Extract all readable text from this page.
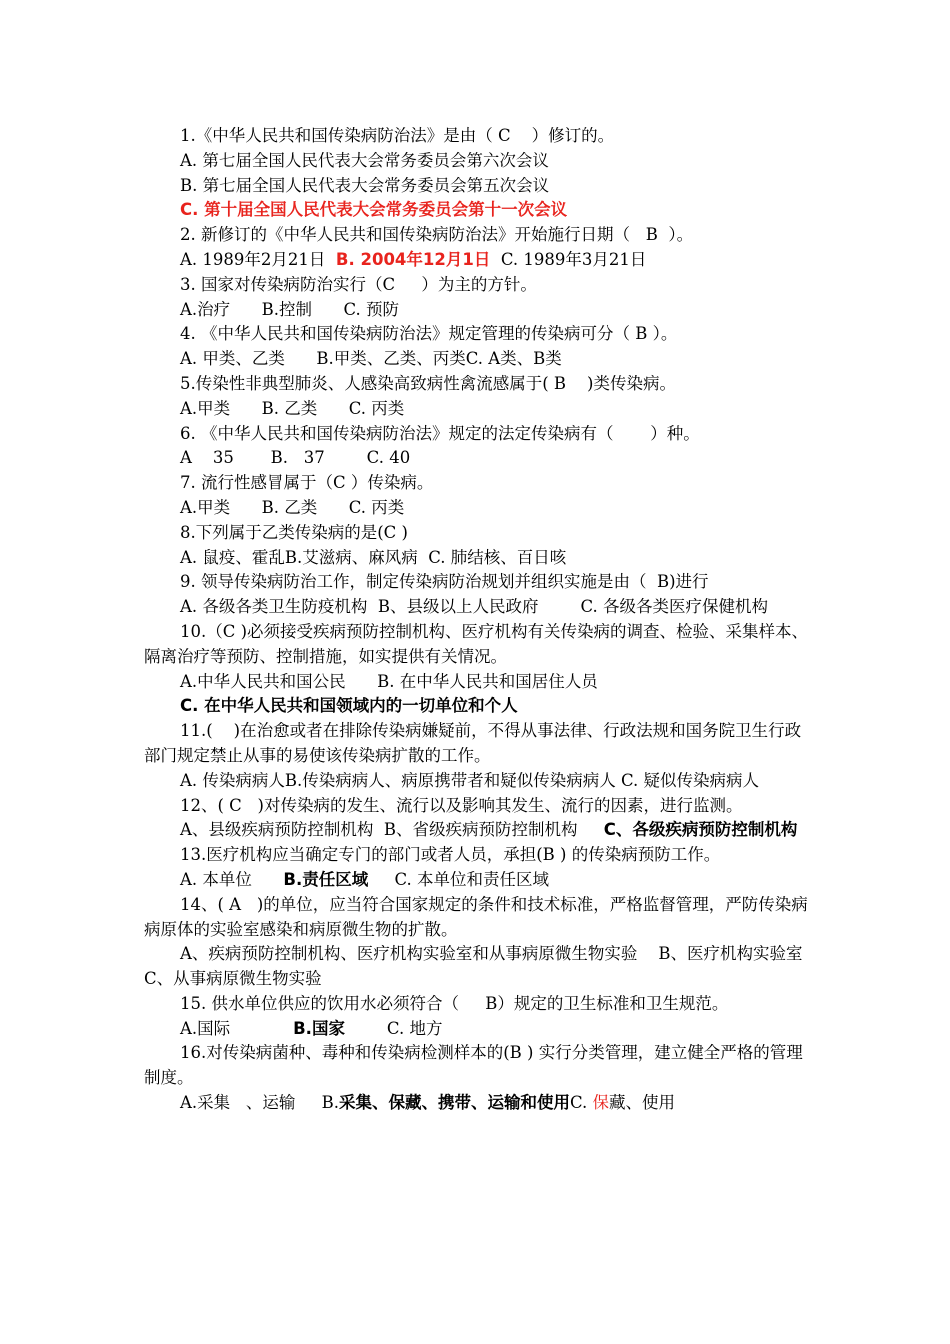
1.《中华人民共和国传染病防治法》是由（ C    ）修订的。

A. 第七届全国人民代表大会常务委员会第六次会议

B. 第七届全国人民代表大会常务委员会第五次会议

C. 第十届全国人民代表大会常务委员会第十一次会议

2. 新修订的《中华人民共和国传染病防治法》开始施行日期（   B  ）。

A. 1989年2月21日  B. 2004年12月1日  C. 1989年3月21日

3. 国家对传染病防治实行（C     ）为主的方针。

A.治疗      B.控制      C. 预防

4. 《中华人民共和国传染病防治法》规定管理的传染病可分（ B ）。

A. 甲类、乙类      B.甲类、乙类、丙类C. A类、B类

5.传染性非典型肺炎、人感染高致病性禽流感属于( B    )类传染病。

A.甲类      B. 乙类      C. 丙类

6. 《中华人民共和国传染病防治法》规定的法定传染病有（       ）种。

A    35       B.   37        C. 40

7. 流行性感冒属于（C ）传染病。

A.甲类      B. 乙类      C. 丙类

8.下列属于乙类传染病的是(C )

A. 鼠疫、霍乱B.艾滋病、麻风病  C. 肺结核、百日咳

9. 领导传染病防治工作，制定传染病防治规划并组织实施是由（  B)进行

A. 各级各类卫生防疫机构  B、县级以上人民政府        C. 各级各类医疗保健机构

10.（C )必须接受疾病预防控制机构、医疗机构有关传染病的调查、检验、采集样本、隔离治疗等预防、控制措施，如实提供有关情况。

A.中华人民共和国公民      B. 在中华人民共和国居住人员

C. 在中华人民共和国领域内的一切单位和个人

11.(    )在治愈或者在排除传染病嫌疑前，不得从事法律、行政法规和国务院卫生行政部门规定禁止从事的易使该传染病扩散的工作。

A. 传染病病人B.传染病病人、病原携带者和疑似传染病病人 C. 疑似传染病病人

12、( C   )对传染病的发生、流行以及影响其发生、流行的因素，进行监测。

A、县级疾病预防控制机构  B、省级疾病预防控制机构     C、各级疾病预防控制机构

13.医疗机构应当确定专门的部门或者人员，承担(B ) 的传染病预防工作。

A. 本单位      B.责任区域     C. 本单位和责任区域

14、( A   )的单位，应当符合国家规定的条件和技术标准，严格监督管理，严防传染病病原体的实验室感染和病原微生物的扩散。

A、疾病预防控制机构、医疗机构实验室和从事病原微生物实验    B、医疗机构实验室       C、从事病原微生物实验

15. 供水单位供应的饮用水必须符合（     B）规定的卫生标准和卫生规范。

A.国际            B.国家        C. 地方

16.对传染病菌种、毒种和传染病检测样本的(B ) 实行分类管理，建立健全严格的管理制度。

A.采集   、运输     B.采集、保藏、携带、运输和使用C. 保藏、使用
